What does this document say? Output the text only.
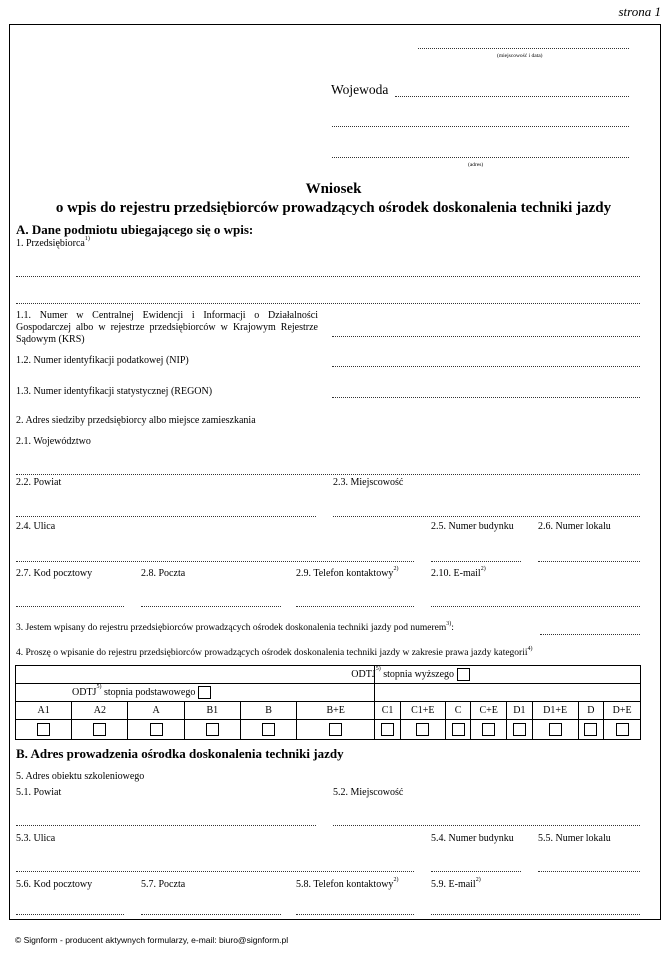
strona 1
(miejscowość i data)
Wojewoda
(adres)
Wniosek
o wpis do rejestru przedsiębiorców prowadzących ośrodek doskonalenia techniki jazdy
A. Dane podmiotu ubiegającego się o wpis:
1. Przedsiębiorca$^{1)}$
1.1. Numer w Centralnej Ewidencji i Informacji o Działalności Gospodarczej albo w rejestrze przedsiębiorców w Krajowym Rejestrze Sądowym (KRS)
1.2. Numer identyfikacji podatkowej (NIP)
1.3. Numer identyfikacji statystycznej (REGON)
2. Adres siedziby przedsiębiorcy albo miejsce zamieszkania
2.1. Województwo
2.2. Powiat	2.3. Miejscowość
2.4. Ulica	2.5. Numer budynku 2.6. Numer lokalu
2.7. Kod pocztowy	2.8. Poczta	2.9. Telefon kontaktowy$^{2)}$	2.10. E-mail$^{2)}$
3. Jestem wpisany do rejestru przedsiębiorców prowadzących ośrodek doskonalenia techniki jazdy pod numerem$^{3)}$:
4. Proszę o wpisanie do rejestru przedsiębiorców prowadzących ośrodek doskonalenia techniki jazdy w zakresie prawa jazdy kategorii$^{4)}$
						ODTJ$^{5)}$ stopnia wyższego							
ODTJ$^{5)}$ stopnia podstawowego													
A1	A2	A	B1	B	B+E	C1	C1+E	C	C+E	D1	D1+E	D	D+E

B. Adres prowadzenia ośrodka doskonalenia techniki jazdy
5. Adres obiektu szkoleniowego
5.1. Powiat	5.2. Miejscowość
5.3. Ulica	5.4. Numer budynku 5.5. Numer lokalu
5.6. Kod pocztowy	5.7. Poczta	5.8. Telefon kontaktowy$^{2)}$	5.9. E-mail$^{2)}$
© Signform - producent aktywnych formularzy, e-mail: biuro@signform.pl
